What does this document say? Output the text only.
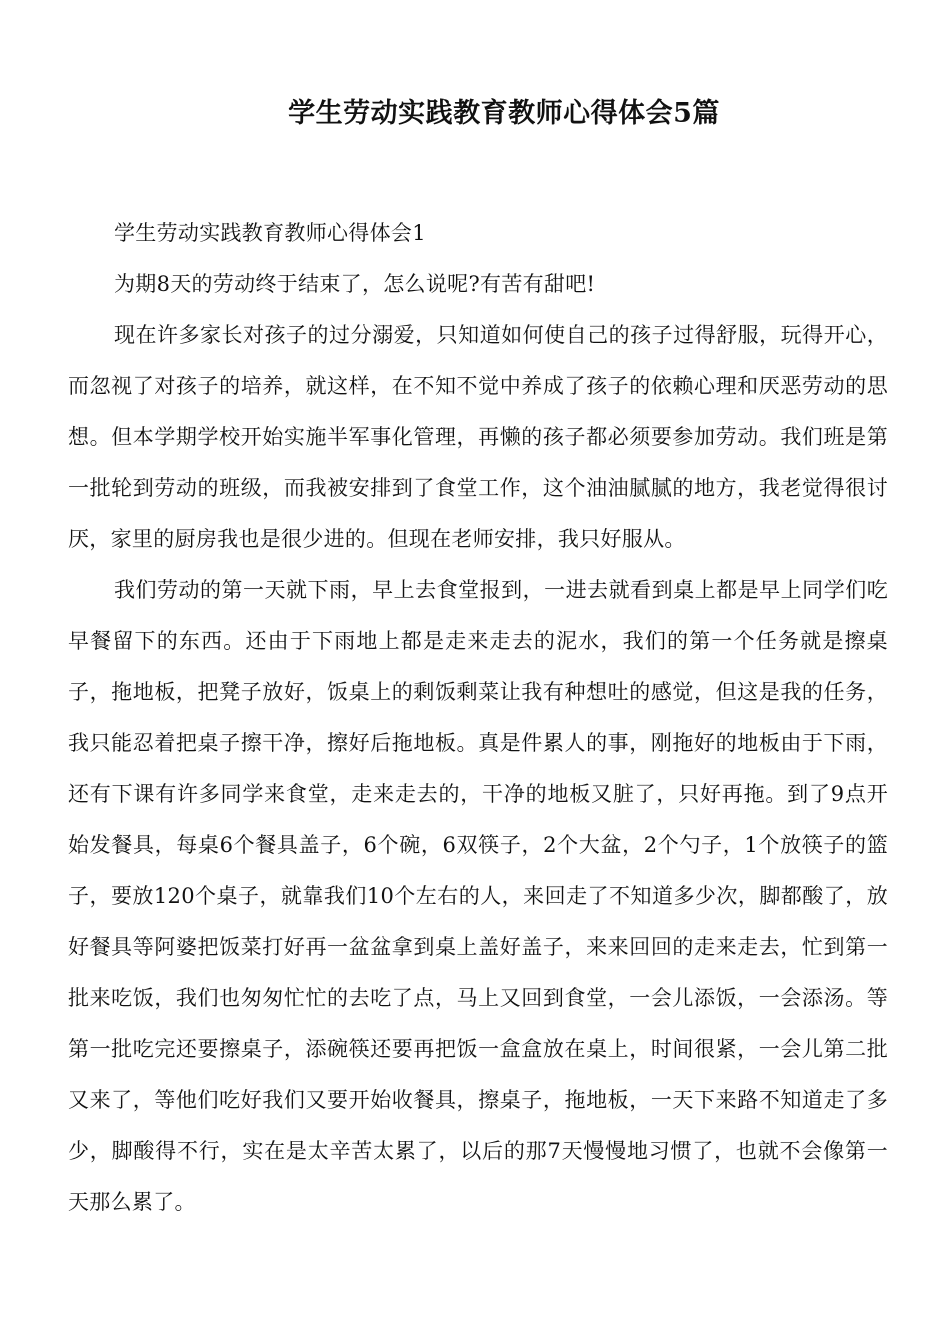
学生劳动实践教育教师心得体会5篇

学生劳动实践教育教师心得体会1

为期8天的劳动终于结束了，怎么说呢?有苦有甜吧!

现在许多家长对孩子的过分溺爱，只知道如何使自己的孩子过得舒服，玩得开心，而忽视了对孩子的培养，就这样，在不知不觉中养成了孩子的依赖心理和厌恶劳动的思想。但本学期学校开始实施半军事化管理，再懒的孩子都必须要参加劳动。我们班是第一批轮到劳动的班级，而我被安排到了食堂工作，这个油油腻腻的地方，我老觉得很讨厌，家里的厨房我也是很少进的。但现在老师安排，我只好服从。

我们劳动的第一天就下雨，早上去食堂报到，一进去就看到桌上都是早上同学们吃早餐留下的东西。还由于下雨地上都是走来走去的泥水，我们的第一个任务就是擦桌子，拖地板，把凳子放好，饭桌上的剩饭剩菜让我有种想吐的感觉，但这是我的任务，我只能忍着把桌子擦干净，擦好后拖地板。真是件累人的事，刚拖好的地板由于下雨，还有下课有许多同学来食堂，走来走去的，干净的地板又脏了，只好再拖。到了9点开始发餐具，每桌6个餐具盖子，6个碗，6双筷子，2个大盆，2个勺子，1个放筷子的篮子，要放120个桌子，就靠我们10个左右的人，来回走了不知道多少次，脚都酸了，放好餐具等阿婆把饭菜打好再一盆盆拿到桌上盖好盖子，来来回回的走来走去，忙到第一批来吃饭，我们也匆匆忙忙的去吃了点，马上又回到食堂，一会儿添饭，一会添汤。等第一批吃完还要擦桌子，添碗筷还要再把饭一盒盒放在桌上，时间很紧，一会儿第二批又来了，等他们吃好我们又要开始收餐具，擦桌子，拖地板，一天下来路不知道走了多少，脚酸得不行，实在是太辛苦太累了，以后的那7天慢慢地习惯了，也就不会像第一天那么累了。
